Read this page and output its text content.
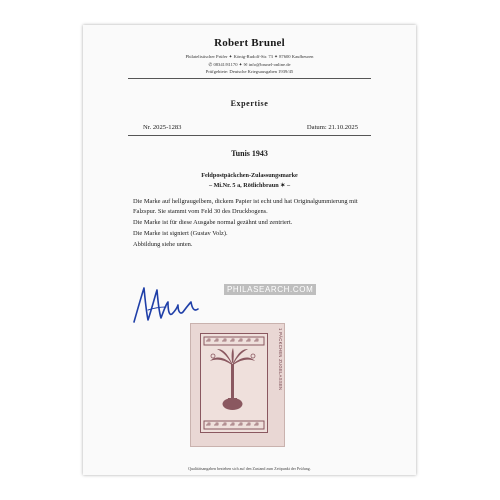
Robert Brunel
Philatelistischer Prüfer ✦ König-Rudolf-Str. 73 ✦ 87600 Kaufbeuren
✆ 08341/81170 ✦ ✉ info@brunel-online.de
Prüfgebiete: Deutsche Kriegsausgaben 1939/45
Expertise
Nr. 2025-1283	Datum: 21.10.2025
Tunis 1943
Feldpostpäckchen-Zulassungsmarke
– Mi.Nr. 5 a, Rötlichbraun ✶ –

Die Marke auf hellgraugelbem, dickem Papier ist echt und hat Originalgummierung mit Falzspur. Sie stammt vom Feld 30 des Druckbogens.

Die Marke ist für diese Ausgabe normal gezähnt und zentriert.

Die Marke ist signiert (Gustav Volz).

Abbildung siehe unten.

PHILASEARCH.COM
1 PÄCKCHEN ZUGELASSEN
Qualitätsangaben beziehen sich auf den Zustand zum Zeitpunkt der Prüfung.
